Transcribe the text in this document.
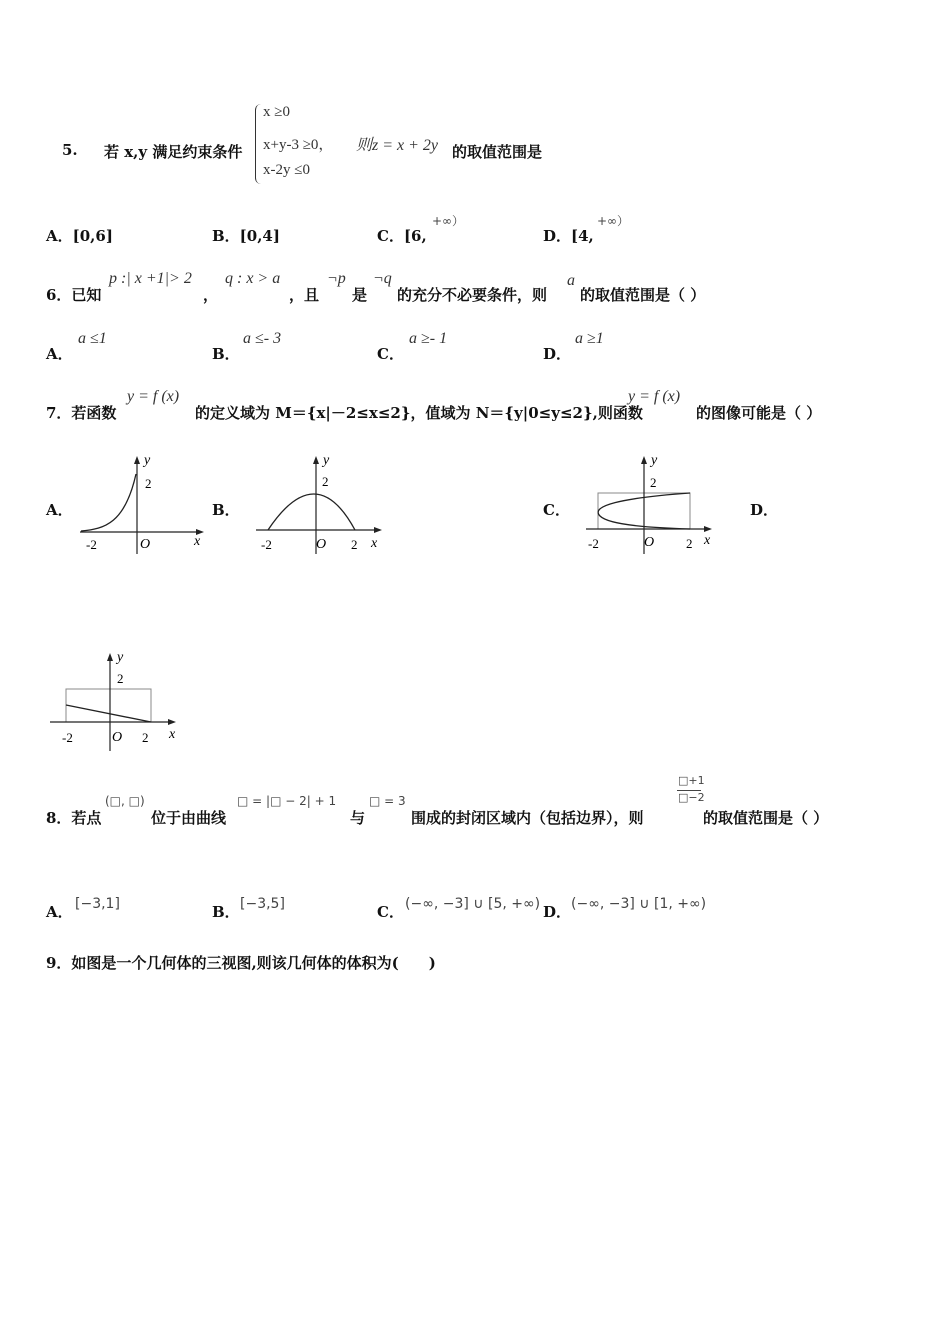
5. 若 x,y 满足约束条件
x ≥0
x+y-3 ≥0， 则z = x + 2y
x-2y ≤0
的取值范围是
A．[0,6]	B．[0,4]	C．[6,
+∞）
D．[4,
+∞）
6．已知
p :| x +1|> 2
，
q : x > a
，且
¬p
是
¬q
的充分不必要条件，则
a
的取值范围是（ ）
A．
a ≤1
B．
a ≤- 3
C．
a ≥- 1
D．
a ≥1
7．若函数
y = f (x)
的定义域为 M＝{x|－2≤x≤2}，值域为 N＝{y|0≤y≤2},则函数
y = f (x)
的图像可能是（ ）
A．	B．	C．	D．
y
2
-2	O	x
y
2
-2	O 2 x
y
2
-2	O 2 x
y
2
-2	O 2 x
8．若点
(□, □)
位于由曲线
□ = |□ − 2| + 1
与
□ = 3
围成的封闭区域内（包括边界），则
□+1
□−2
的取值范围是（ ）
A． [−3,1]	B． [−3,5]	C． (−∞, −3] ∪ [5, +∞) D． (−∞, −3] ∪ [1, +∞)
9．如图是一个几何体的三视图,则该几何体的体积为(　　)
